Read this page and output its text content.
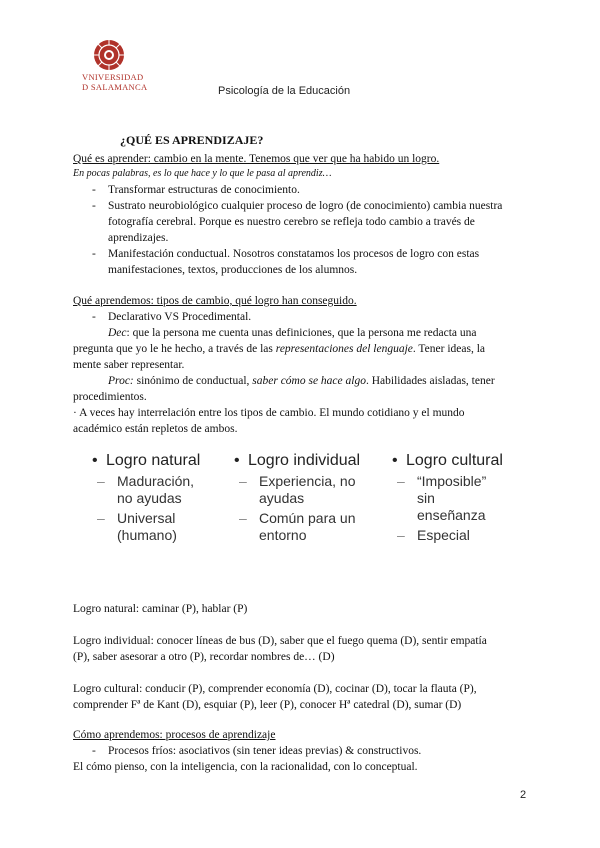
VNIVERSIDAD
D SALAMANCA	Psicología de la Educación
¿QUÉ ES APRENDIZAJE?
Qué es aprender: cambio en la mente. Tenemos que ver que ha habido un logro.
En pocas palabras, es lo que hace y lo que le pasa al aprendiz…
- Transformar estructuras de conocimiento.
- Sustrato neurobiológico cualquier proceso de logro (de conocimiento) cambia nuestra
fotografía cerebral. Porque es nuestro cerebro se refleja todo cambio a través de
aprendizajes.
- Manifestación conductual. Nosotros constatamos los procesos de logro con estas
manifestaciones, textos, producciones de los alumnos.
Qué aprendemos: tipos de cambio, qué logro han conseguido.
- Declarativo VS Procedimental.
Dec: que la persona me cuenta unas definiciones, que la persona me redacta una
pregunta que yo le he hecho, a través de las representaciones del lenguaje. Tener ideas, la
mente saber representar.
Proc: sinónimo de conductual, saber cómo se hace algo. Habilidades aisladas, tener
procedimientos.
· A veces hay interrelación entre los tipos de cambio. El mundo cotidiano y el mundo
académico están repletos de ambos.
• Logro natural
– Maduración,
no ayudas
– Universal
(humano)
• Logro individual
– Experiencia, no
ayudas
– Común para un
entorno
• Logro cultural
– “Imposible”
sin
enseñanza
– Especial
Logro natural: caminar (P), hablar (P)
Logro individual: conocer líneas de bus (D), saber que el fuego quema (D), sentir empatía
(P), saber asesorar a otro (P), recordar nombres de… (D)
Logro cultural: conducir (P), comprender economía (D), cocinar (D), tocar la flauta (P),
comprender Fª de Kant (D), esquiar (P), leer (P), conocer Hª catedral (D), sumar (D)
Cómo aprendemos: procesos de aprendizaje
- Procesos fríos: asociativos (sin tener ideas previas) & constructivos.
El cómo pienso, con la inteligencia, con la racionalidad, con lo conceptual.
2
